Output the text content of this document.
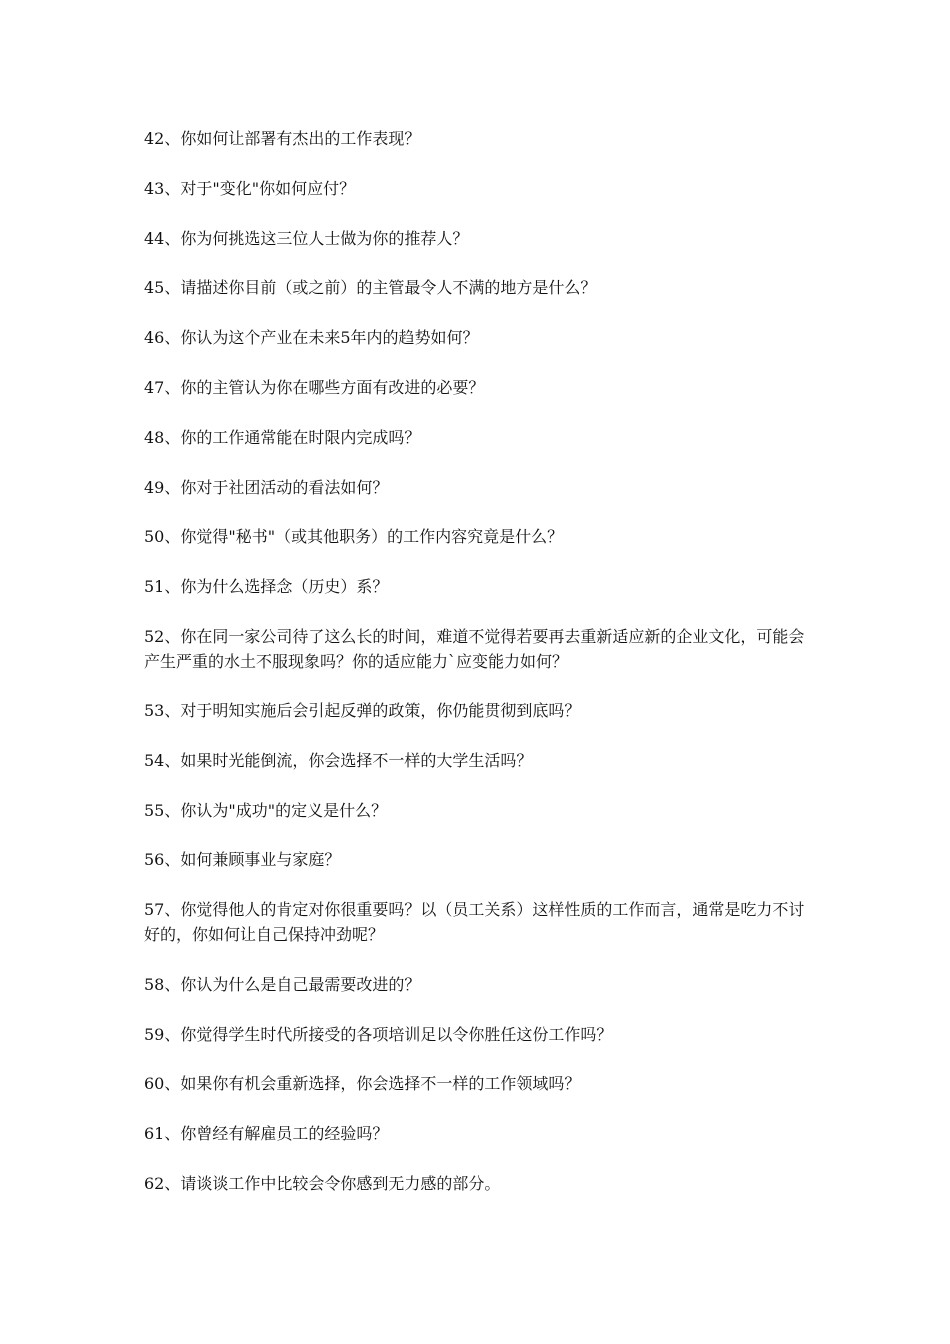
42、你如何让部署有杰出的工作表现？

43、对于"变化"你如何应付？

44、你为何挑选这三位人士做为你的推荐人？

45、请描述你目前（或之前）的主管最令人不满的地方是什么？

46、你认为这个产业在未来5年内的趋势如何？

47、你的主管认为你在哪些方面有改进的必要？

48、你的工作通常能在时限内完成吗？

49、你对于社团活动的看法如何？

50、你觉得"秘书"（或其他职务）的工作内容究竟是什么？

51、你为什么选择念（历史）系？

52、你在同一家公司待了这么长的时间，难道不觉得若要再去重新适应新的企业文化，可能会产生严重的水土不服现象吗？你的适应能力`应变能力如何？

53、对于明知实施后会引起反弹的政策，你仍能贯彻到底吗？

54、如果时光能倒流，你会选择不一样的大学生活吗？

55、你认为"成功"的定义是什么？

56、如何兼顾事业与家庭？

57、你觉得他人的肯定对你很重要吗？以（员工关系）这样性质的工作而言，通常是吃力不讨好的，你如何让自己保持冲劲呢？

58、你认为什么是自己最需要改进的？

59、你觉得学生时代所接受的各项培训足以令你胜任这份工作吗？

60、如果你有机会重新选择，你会选择不一样的工作领域吗？

61、你曾经有解雇员工的经验吗？

62、请谈谈工作中比较会令你感到无力感的部分。
